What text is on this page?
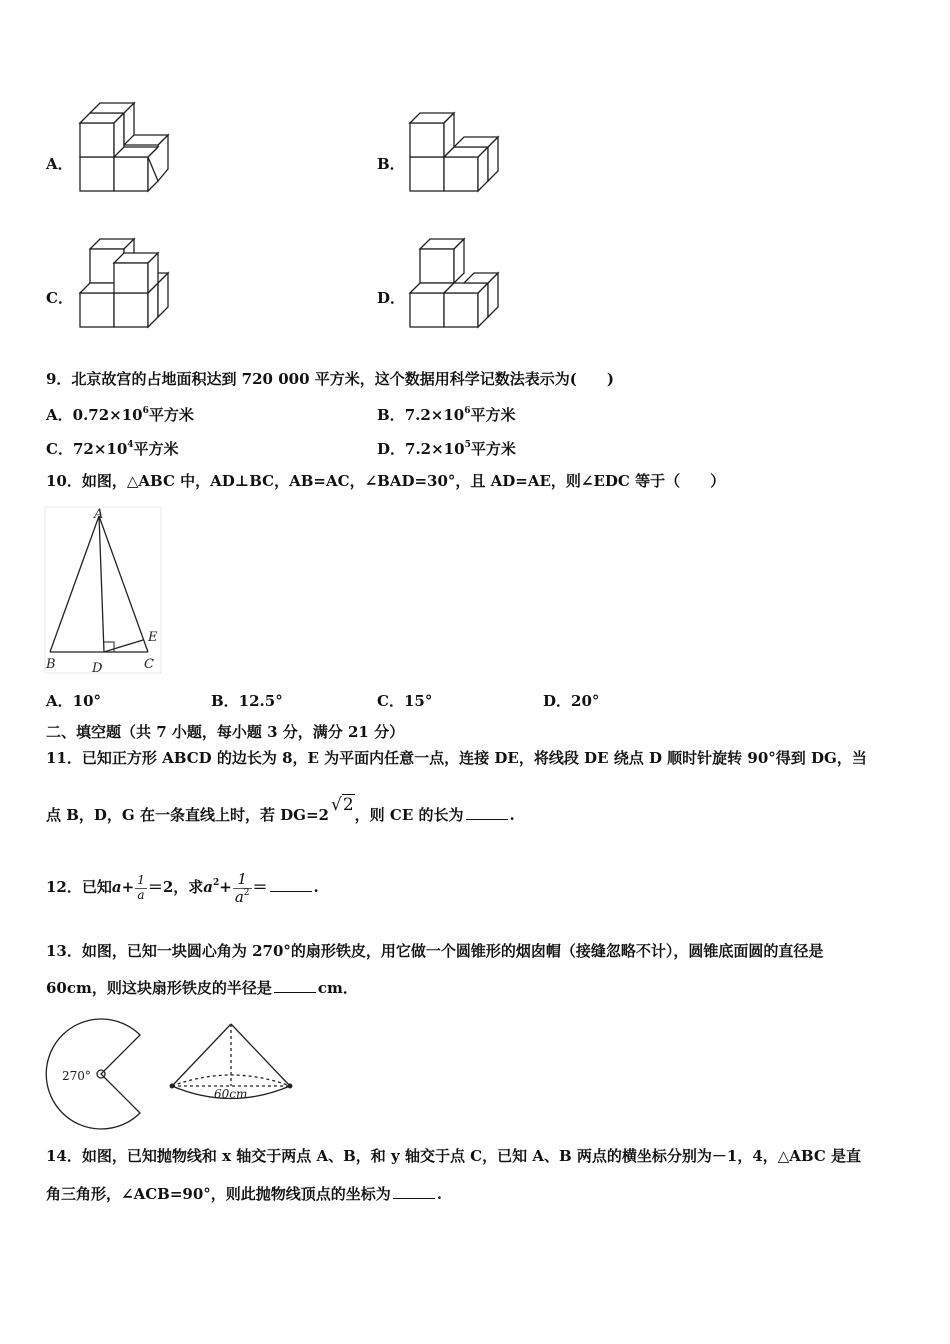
A．	B．
C．	D．
9．北京故宫的占地面积达到 720 000 平方米，这个数据用科学记数法表示为(　　)
A．$0.72\times 10^6$平方米	B．$7.2\times 10^6$平方米
C．$72\times 10^4$平方米	D．$7.2\times 10^5$平方米
10．如图，△ABC 中，AD⊥BC，AB=AC，∠BAD=30°，且 AD=AE，则∠EDC 等于（　　）
A
B	C
D
E
A．10°	B．12.5°	C．15°	D．20°
二、填空题（共 7 小题，每小题 3 分，满分 21 分）
11．已知正方形 ABCD 的边长为 8，E 为平面内任意一点，连接 DE，将线段 DE 绕点 D 顺时针旋转 90°得到 DG，当
点 B，D，G 在一条直线上时，若 DG=2 √2，则 CE 的长为	.
12．已知$a+ \frac{1}{a} =2$，求$a^2+ \frac{1}{a^2}$ ＝	.
13．如图，已知一块圆心角为 270°的扇形铁皮，用它做一个圆锥形的烟囱帽（接缝忽略不计），圆锥底面圆的直径是
60cm，则这块扇形铁皮的半径是	cm．
270°
60cm
14．如图，已知抛物线和 x 轴交于两点 A、B，和 y 轴交于点 C，已知 A、B 两点的横坐标分别为－1，4，△ABC 是直
角三角形，∠ACB=90°，则此抛物线顶点的坐标为	.
